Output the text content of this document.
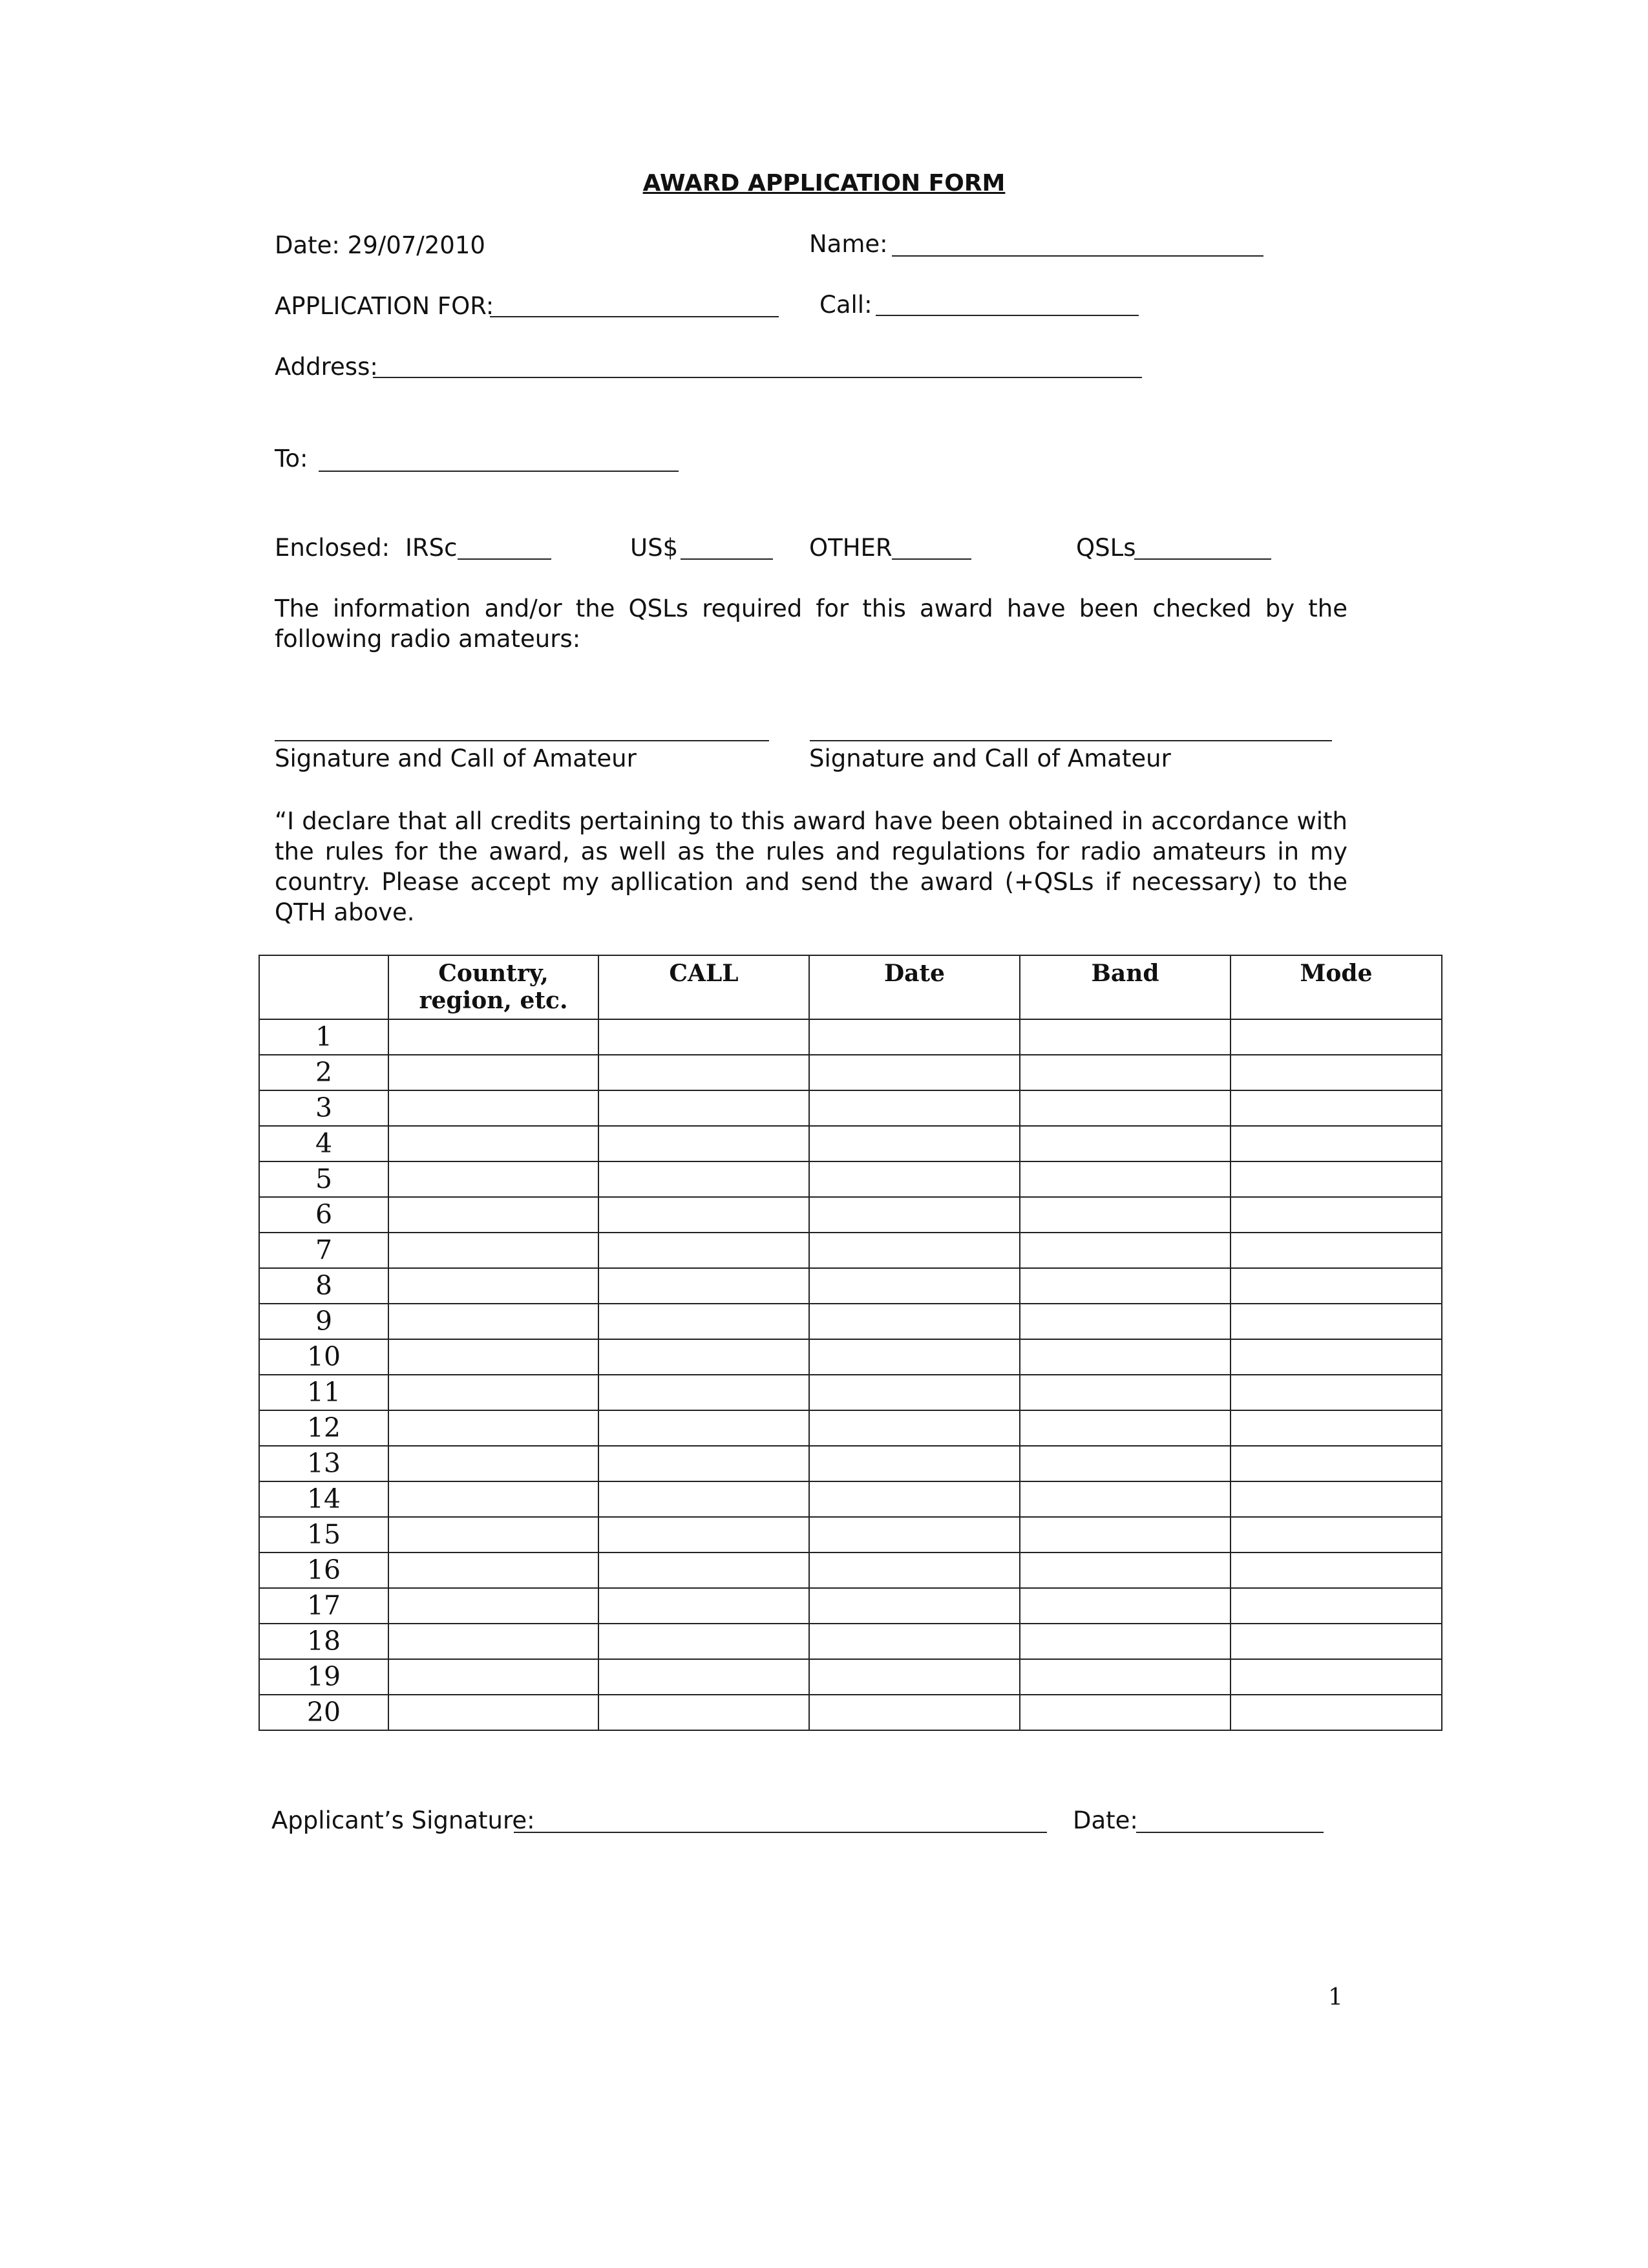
AWARD APPLICATION FORM
Date: 29/07/2010	Name:
APPLICATION FOR:	Call:
Address:
To:
Enclosed: IRSc	US$	OTHER	QSLs
The information and/or the QSLs required for this award have been checked by the following radio amateurs:
Signature and Call of Amateur	Signature and Call of Amateur
“I declare that all credits pertaining to this award have been obtained in accordance with the rules for the award, as well as the rules and regulations for radio amateurs in my country. Please accept my apllication and send the award (+QSLs if necessary) to the QTH above.
	Country, region, etc.	CALL	Date	Band	Mode
1					
2					
3					
4					
5					
6					
7					
8					
9					
10					
11					
12					
13					
14					
15					
16					
17					
18					
19					
20					
Applicant’s Signature:	Date:
1
